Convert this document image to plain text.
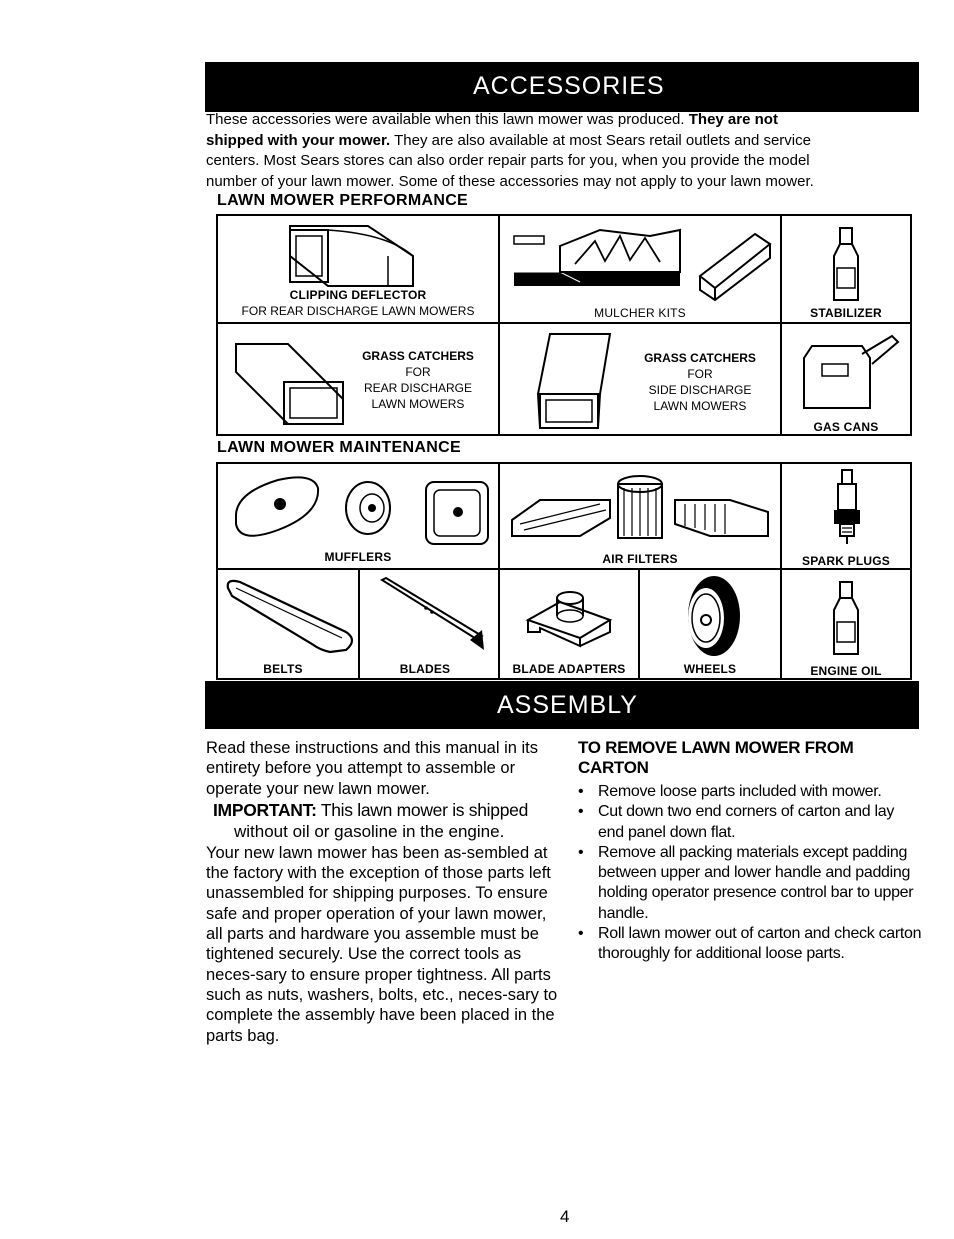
ACCESSORIES
These accessories were available when this lawn mower was produced. They are not
shipped with your mower. They are also available at most Sears retail outlets and service
centers. Most Sears stores can also order repair parts for you, when you provide the model
number of your lawn mower. Some of these accessories may not apply to your lawn mower.
LAWN MOWER PERFORMANCE
CLIPPING DEFLECTOR
FOR REAR DISCHARGE LAWN MOWERS	MULCHER KITS	STABILIZER
GRASS CATCHERS
FOR
REAR DISCHARGE
LAWN MOWERS
GRASS CATCHERS
FOR
SIDE DISCHARGE
LAWN MOWERS
GAS CANS
LAWN MOWER MAINTENANCE
MUFFLERS	AIR FILTERS	SPARK PLUGS
BELTS	BLADES	BLADE ADAPTERS	WHEELS	ENGINE OIL
ASSEMBLY

Read these instructions and this manual in its entirety before you attempt to assemble or operate your new lawn mower.

IMPORTANT: This lawn mower is shipped

without oil or gasoline in the engine.

Your new lawn mower has been as-sembled at the factory with the exception of those parts left unassembled for shipping purposes. To ensure safe and proper operation of your lawn mower, all parts and hardware you assemble must be tightened securely. Use the correct tools as neces-sary to ensure proper tightness. All parts such as nuts, washers, bolts, etc., neces-sary to complete the assembly have been placed in the parts bag.

TO REMOVE LAWN MOWER FROM CARTON
• Remove loose parts included with mower.
• Cut down two end corners of carton and lay end panel down flat.
• Remove all packing materials except padding between upper and lower handle and padding holding operator presence control bar to upper handle.
• Roll lawn mower out of carton and check carton thoroughly for additional loose parts.
4
